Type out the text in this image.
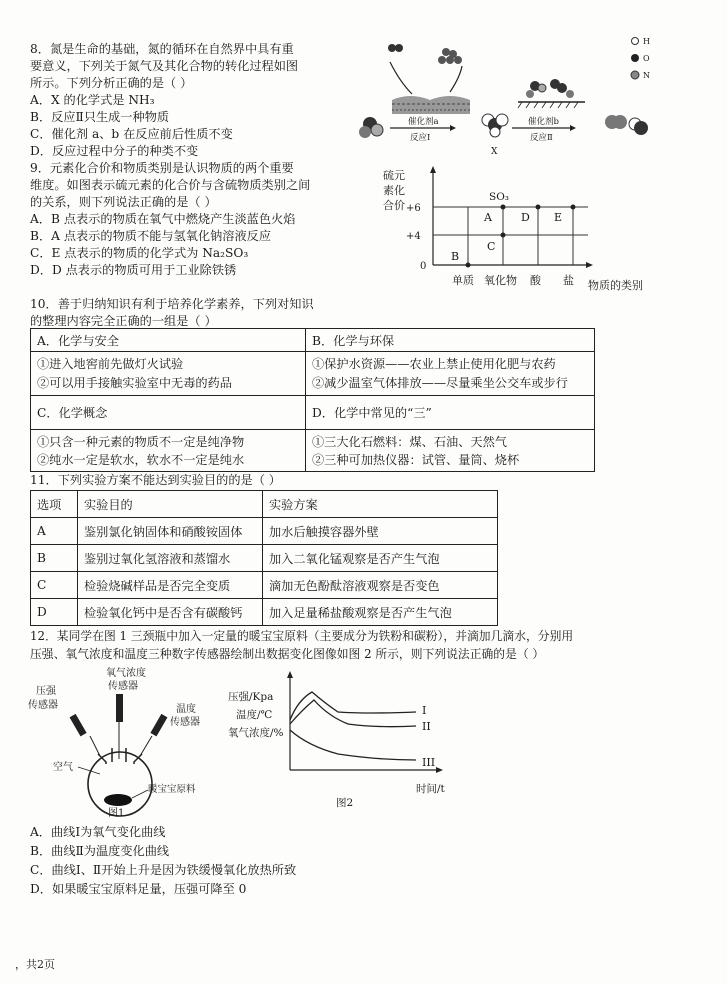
8．氮是生命的基础，氮的循环在自然界中具有重
要意义，下列关于氮气及其化合物的转化过程如图
所示。下列分析正确的是（ ）
A．X 的化学式是 NH₃
B．反应Ⅱ只生成一种物质
C．催化剂 a、b 在反应前后性质不变
D．反应过程中分子的种类不变
催化剂a
反应Ⅰ
X
催化剂b
反应Ⅱ
H
O
N
9．元素化合价和物质类别是认识物质的两个重要
维度。如图表示硫元素的化合价与含硫物质类别之间
的关系，则下列说法正确的是（ ）
A．B 点表示的物质在氧气中燃烧产生淡蓝色火焰
B．A 点表示的物质不能与氢氧化钠溶液反应
C．E 点表示的物质的化学式为 Na₂SO₃
D．D 点表示的物质可用于工业除铁锈
硫元
素化
合价 +6
+4
0
SO₃
A
B
C
D E
单质 氧化物 酸 盐 物质的类别
10．善于归纳知识有利于培养化学素养，下列对知识
的整理内容完全正确的一组是（ ）
A．化学与安全	B．化学与环保
①进入地窖前先做灯火试验
②可以用手接触实验室中无毒的药品	①保护水资源——农业上禁止使用化肥与农药
②减少温室气体排放——尽量乘坐公交车或步行
C．化学概念	D．化学中常见的“三”
①只含一种元素的物质不一定是纯净物
②纯水一定是软水，软水不一定是纯水	①三大化石燃料：煤、石油、天然气
②三种可加热仪器：试管、量筒、烧杯
11．下列实验方案不能达到实验目的的是（ ）
选项	实验目的	实验方案
A	鉴别氯化钠固体和硝酸铵固体	加水后触摸容器外壁
B	鉴别过氧化氢溶液和蒸馏水	加入二氧化锰观察是否产生气泡
C	检验烧碱样品是否完全变质	滴加无色酚酞溶液观察是否变色
D	检验氧化钙中是否含有碳酸钙	加入足量稀盐酸观察是否产生气泡
12．某同学在图 1 三颈瓶中加入一定量的暖宝宝原料（主要成分为铁粉和碳粉），并滴加几滴水，分别用
压强、氧气浓度和温度三种数字传感器绘制出数据变化图像如图 2 所示，则下列说法正确的是（ ）
压强
传感器
氧气浓度
传感器
温度
传感器
空气
暖宝宝原料
图1
压强/Kpa
温度/℃
氧气浓度/%
I
II
III
时间/t
图2
A．曲线Ⅰ为氧气变化曲线
B．曲线Ⅱ为温度变化曲线
C．曲线Ⅰ、Ⅱ开始上升是因为铁缓慢氧化放热所致
D．如果暖宝宝原料足量，压强可降至 0
，共2页
